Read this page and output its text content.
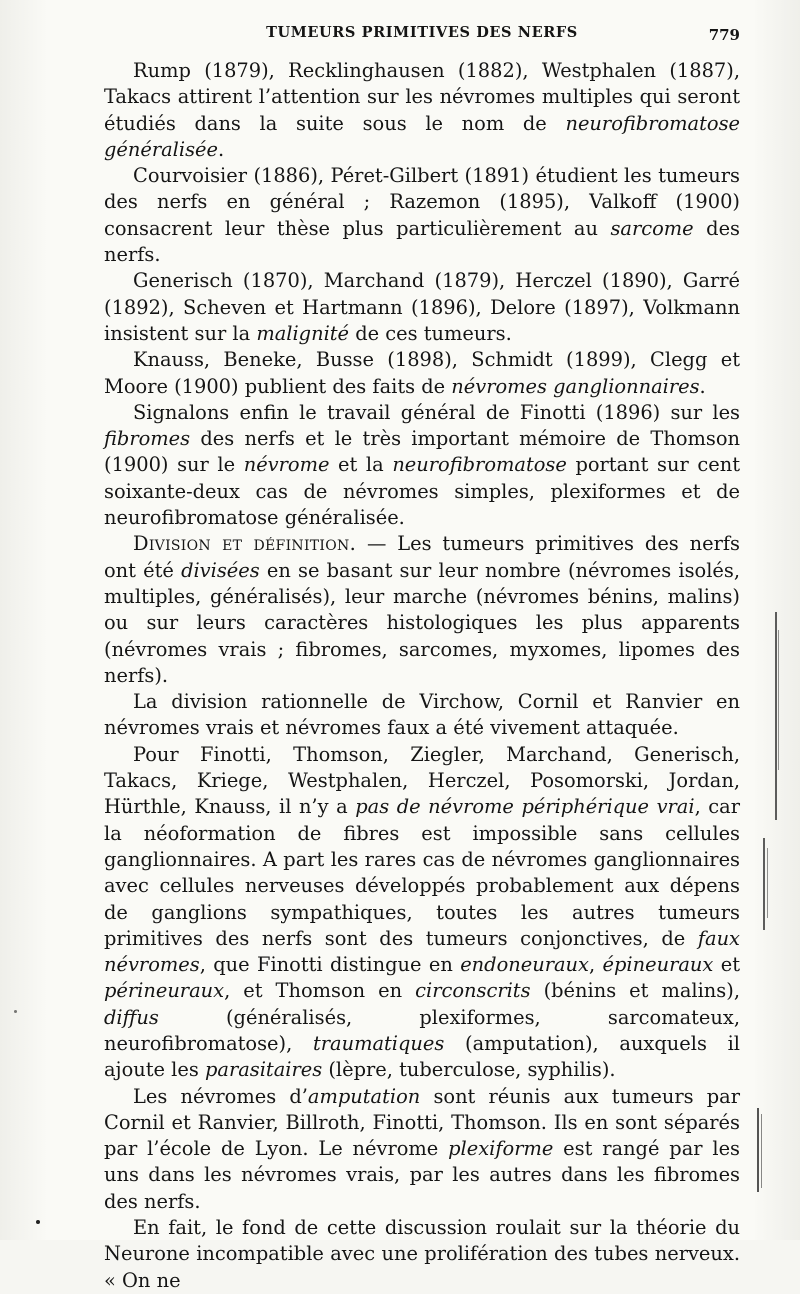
TUMEURS PRIMITIVES DES NERFS	779

Rump (1879), Recklinghausen (1882), Westphalen (1887), Takacs attirent l’attention sur les névromes multiples qui seront étudiés dans la suite sous le nom de neurofibromatose généralisée.

Courvoisier (1886), Péret-Gilbert (1891) étudient les tumeurs des nerfs en général ; Razemon (1895), Valkoff (1900) consacrent leur thèse plus particulièrement au sarcome des nerfs.

Generisch (1870), Marchand (1879), Herczel (1890), Garré (1892), Scheven et Hartmann (1896), Delore (1897), Volkmann insistent sur la malignité de ces tumeurs.

Knauss, Beneke, Busse (1898), Schmidt (1899), Clegg et Moore (1900) publient des faits de névromes ganglionnaires.

Signalons enfin le travail général de Finotti (1896) sur les fibromes des nerfs et le très important mémoire de Thomson (1900) sur le névrome et la neurofibromatose portant sur cent soixante-deux cas de névromes simples, plexiformes et de neurofibromatose généralisée.

Division et définition. — Les tumeurs primitives des nerfs ont été divisées en se basant sur leur nombre (névromes isolés, multiples, généralisés), leur marche (névromes bénins, malins) ou sur leurs caractères histologiques les plus apparents (névromes vrais ; fibromes, sarcomes, myxomes, lipomes des nerfs).

La division rationnelle de Virchow, Cornil et Ranvier en névromes vrais et névromes faux a été vivement attaquée.

Pour Finotti, Thomson, Ziegler, Marchand, Generisch, Takacs, Kriege, Westphalen, Herczel, Posomorski, Jordan, Hürthle, Knauss, il n’y a pas de névrome périphérique vrai, car la néoformation de fibres est impossible sans cellules ganglionnaires. A part les rares cas de névromes ganglionnaires avec cellules nerveuses développés probablement aux dépens de ganglions sympathiques, toutes les autres tumeurs primitives des nerfs sont des tumeurs conjonctives, de faux névromes, que Finotti distingue en endoneuraux, épineuraux et périneuraux, et Thomson en circonscrits (bénins et malins), diffus (généralisés, plexiformes, sarcomateux, neurofibromatose), traumatiques (amputation), auxquels il ajoute les parasitaires (lèpre, tuberculose, syphilis).

Les névromes d’amputation sont réunis aux tumeurs par Cornil et Ranvier, Billroth, Finotti, Thomson. Ils en sont séparés par l’école de Lyon. Le névrome plexiforme est rangé par les uns dans les névromes vrais, par les autres dans les fibromes des nerfs.

En fait, le fond de cette discussion roulait sur la théorie du Neurone incompatible avec une prolifération des tubes nerveux. « On ne
